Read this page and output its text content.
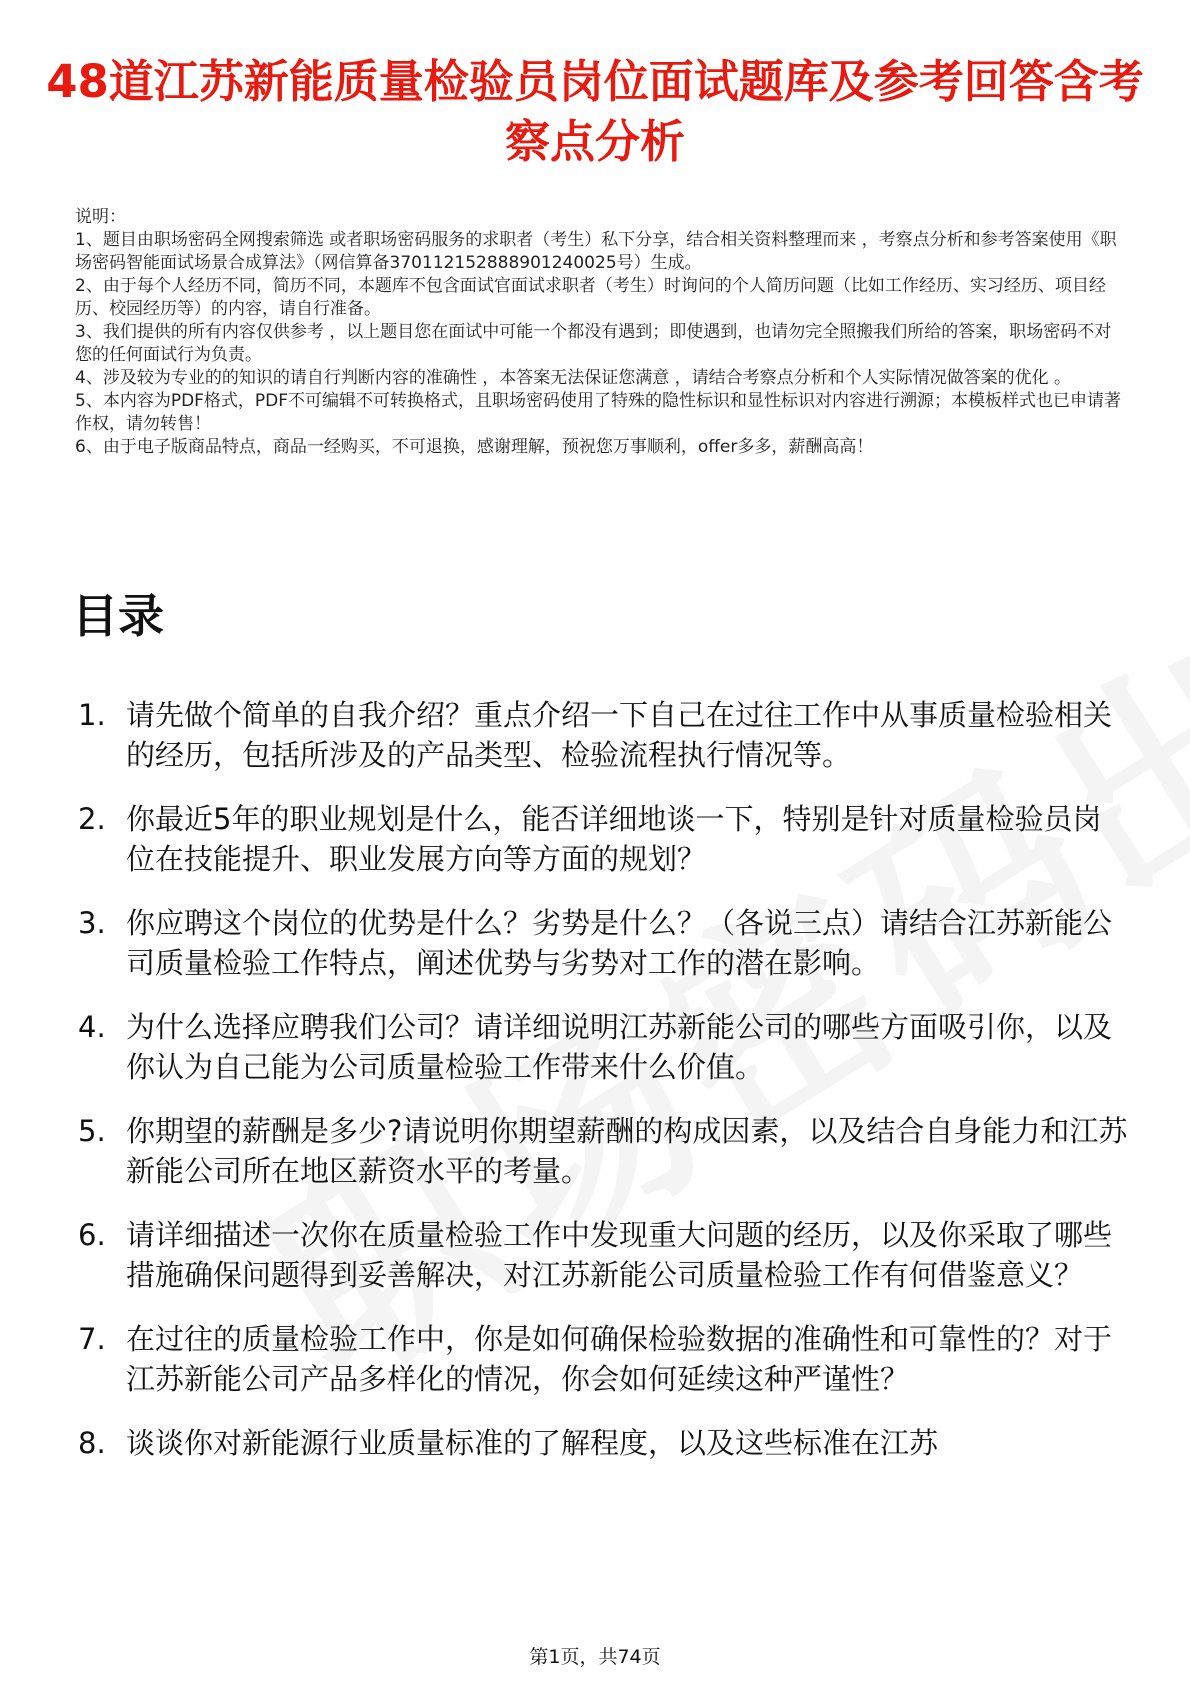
48道江苏新能质量检验员岗位面试题库及参考回答含考察点分析

说明：

1、题目由职场密码全网搜索筛选 或者职场密码服务的求职者（考生）私下分享，结合相关资料整理而来 ，考察点分析和参考答案使用《职场密码智能面试场景合成算法》（网信算备370112152888901240025号）生成。

2、由于每个人经历不同，简历不同，本题库不包含面试官面试求职者（考生）时询问的个人简历问题（比如工作经历、实习经历、项目经历、校园经历等）的内容，请自行准备。

3、我们提供的所有内容仅供参考 ，以上题目您在面试中可能一个都没有遇到；即使遇到，也请勿完全照搬我们所给的答案，职场密码不对您的任何面试行为负责。

4、涉及较为专业的的知识的请自行判断内容的准确性 ，本答案无法保证您满意 ，请结合考察点分析和个人实际情况做答案的优化 。

5、本内容为PDF格式，PDF不可编辑不可转换格式，且职场密码使用了特殊的隐性标识和显性标识对内容进行溯源；本模板样式也已申请著作权，请勿转售！

6、由于电子版商品特点，商品一经购买，不可退换，感谢理解，预祝您万事顺利，offer多多，薪酬高高！

目录
1. 请先做个简单的自我介绍？重点介绍一下自己在过往工作中从事质量检验相关的经历，包括所涉及的产品类型、检验流程执行情况等。
2. 你最近5年的职业规划是什么，能否详细地谈一下，特别是针对质量检验员岗位在技能提升、职业发展方向等方面的规划？
3. 你应聘这个岗位的优势是什么？劣势是什么？（各说三点）请结合江苏新能公司质量检验工作特点，阐述优势与劣势对工作的潜在影响。
4. 为什么选择应聘我们公司？请详细说明江苏新能公司的哪些方面吸引你，以及你认为自己能为公司质量检验工作带来什么价值。
5. 你期望的薪酬是多少?请说明你期望薪酬的构成因素，以及结合自身能力和江苏新能公司所在地区薪资水平的考量。
6. 请详细描述一次你在质量检验工作中发现重大问题的经历，以及你采取了哪些措施确保问题得到妥善解决，对江苏新能公司质量检验工作有何借鉴意义？
7. 在过往的质量检验工作中，你是如何确保检验数据的准确性和可靠性的？对于江苏新能公司产品多样化的情况，你会如何延续这种严谨性？
8. 谈谈你对新能源行业质量标准的了解程度，以及这些标准在江苏
第1页，共74页
